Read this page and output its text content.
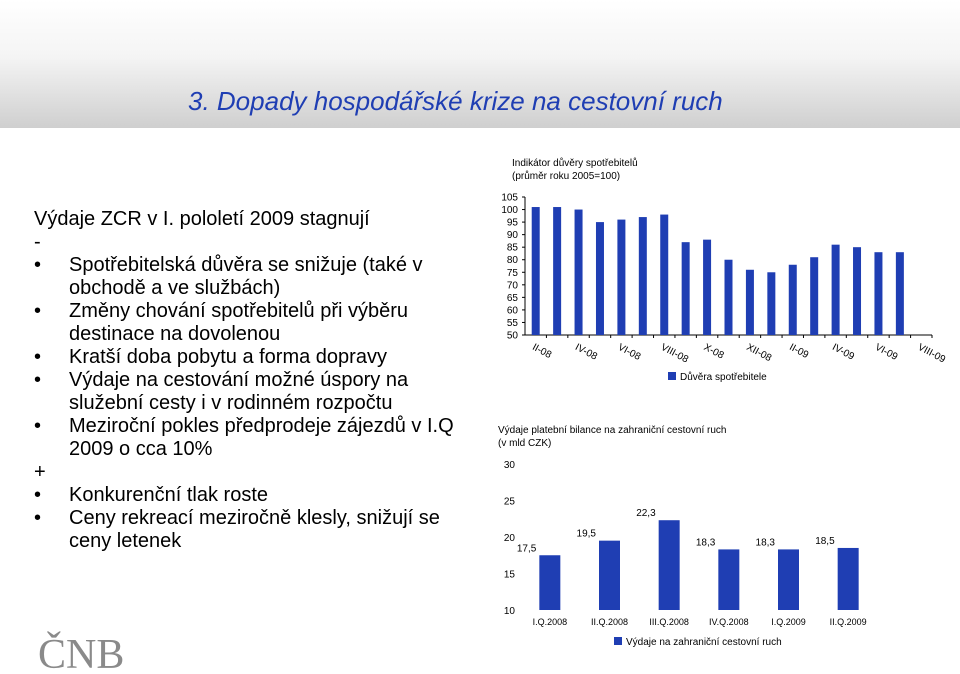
3. Dopady hospodářské krize na cestovní ruch

Výdaje ZCR v I. pololetí 2009 stagnují

-

• Spotřebitelská důvěra se snižuje (také v obchodě a ve službách)
• Změny chování spotřebitelů při výběru destinace na dovolenou
• Kratší doba pobytu a forma dopravy
• Výdaje na cestování možné úspory na služební cesty i v rodinném rozpočtu
• Meziroční pokles předprodeje zájezdů v I.Q 2009 o cca 10%

+

• Konkurenční tlak roste
• Ceny rekreací meziročně klesly, snižují se ceny letenek
Indikátor důvěry spotřebitelů
(průměr roku 2005=100)
50
55
60
65
70
75
80
85
90
95
100
105
II-08 IV-08 VI-08 VIII-08 X-08 XII-08 II-09 IV-09 VI-09 VIII-09
Důvěra spotřebitele
Výdaje platební bilance na zahraniční cestovní ruch
(v mld CZK)
10
15
20
25
30
17,5
I.Q.2008
19,5
II.Q.2008
22,3
III.Q.2008
18,3
IV.Q.2008
18,3
I.Q.2009
18,5
II.Q.2009
Výdaje na zahraniční cestovní ruch
ČNB
